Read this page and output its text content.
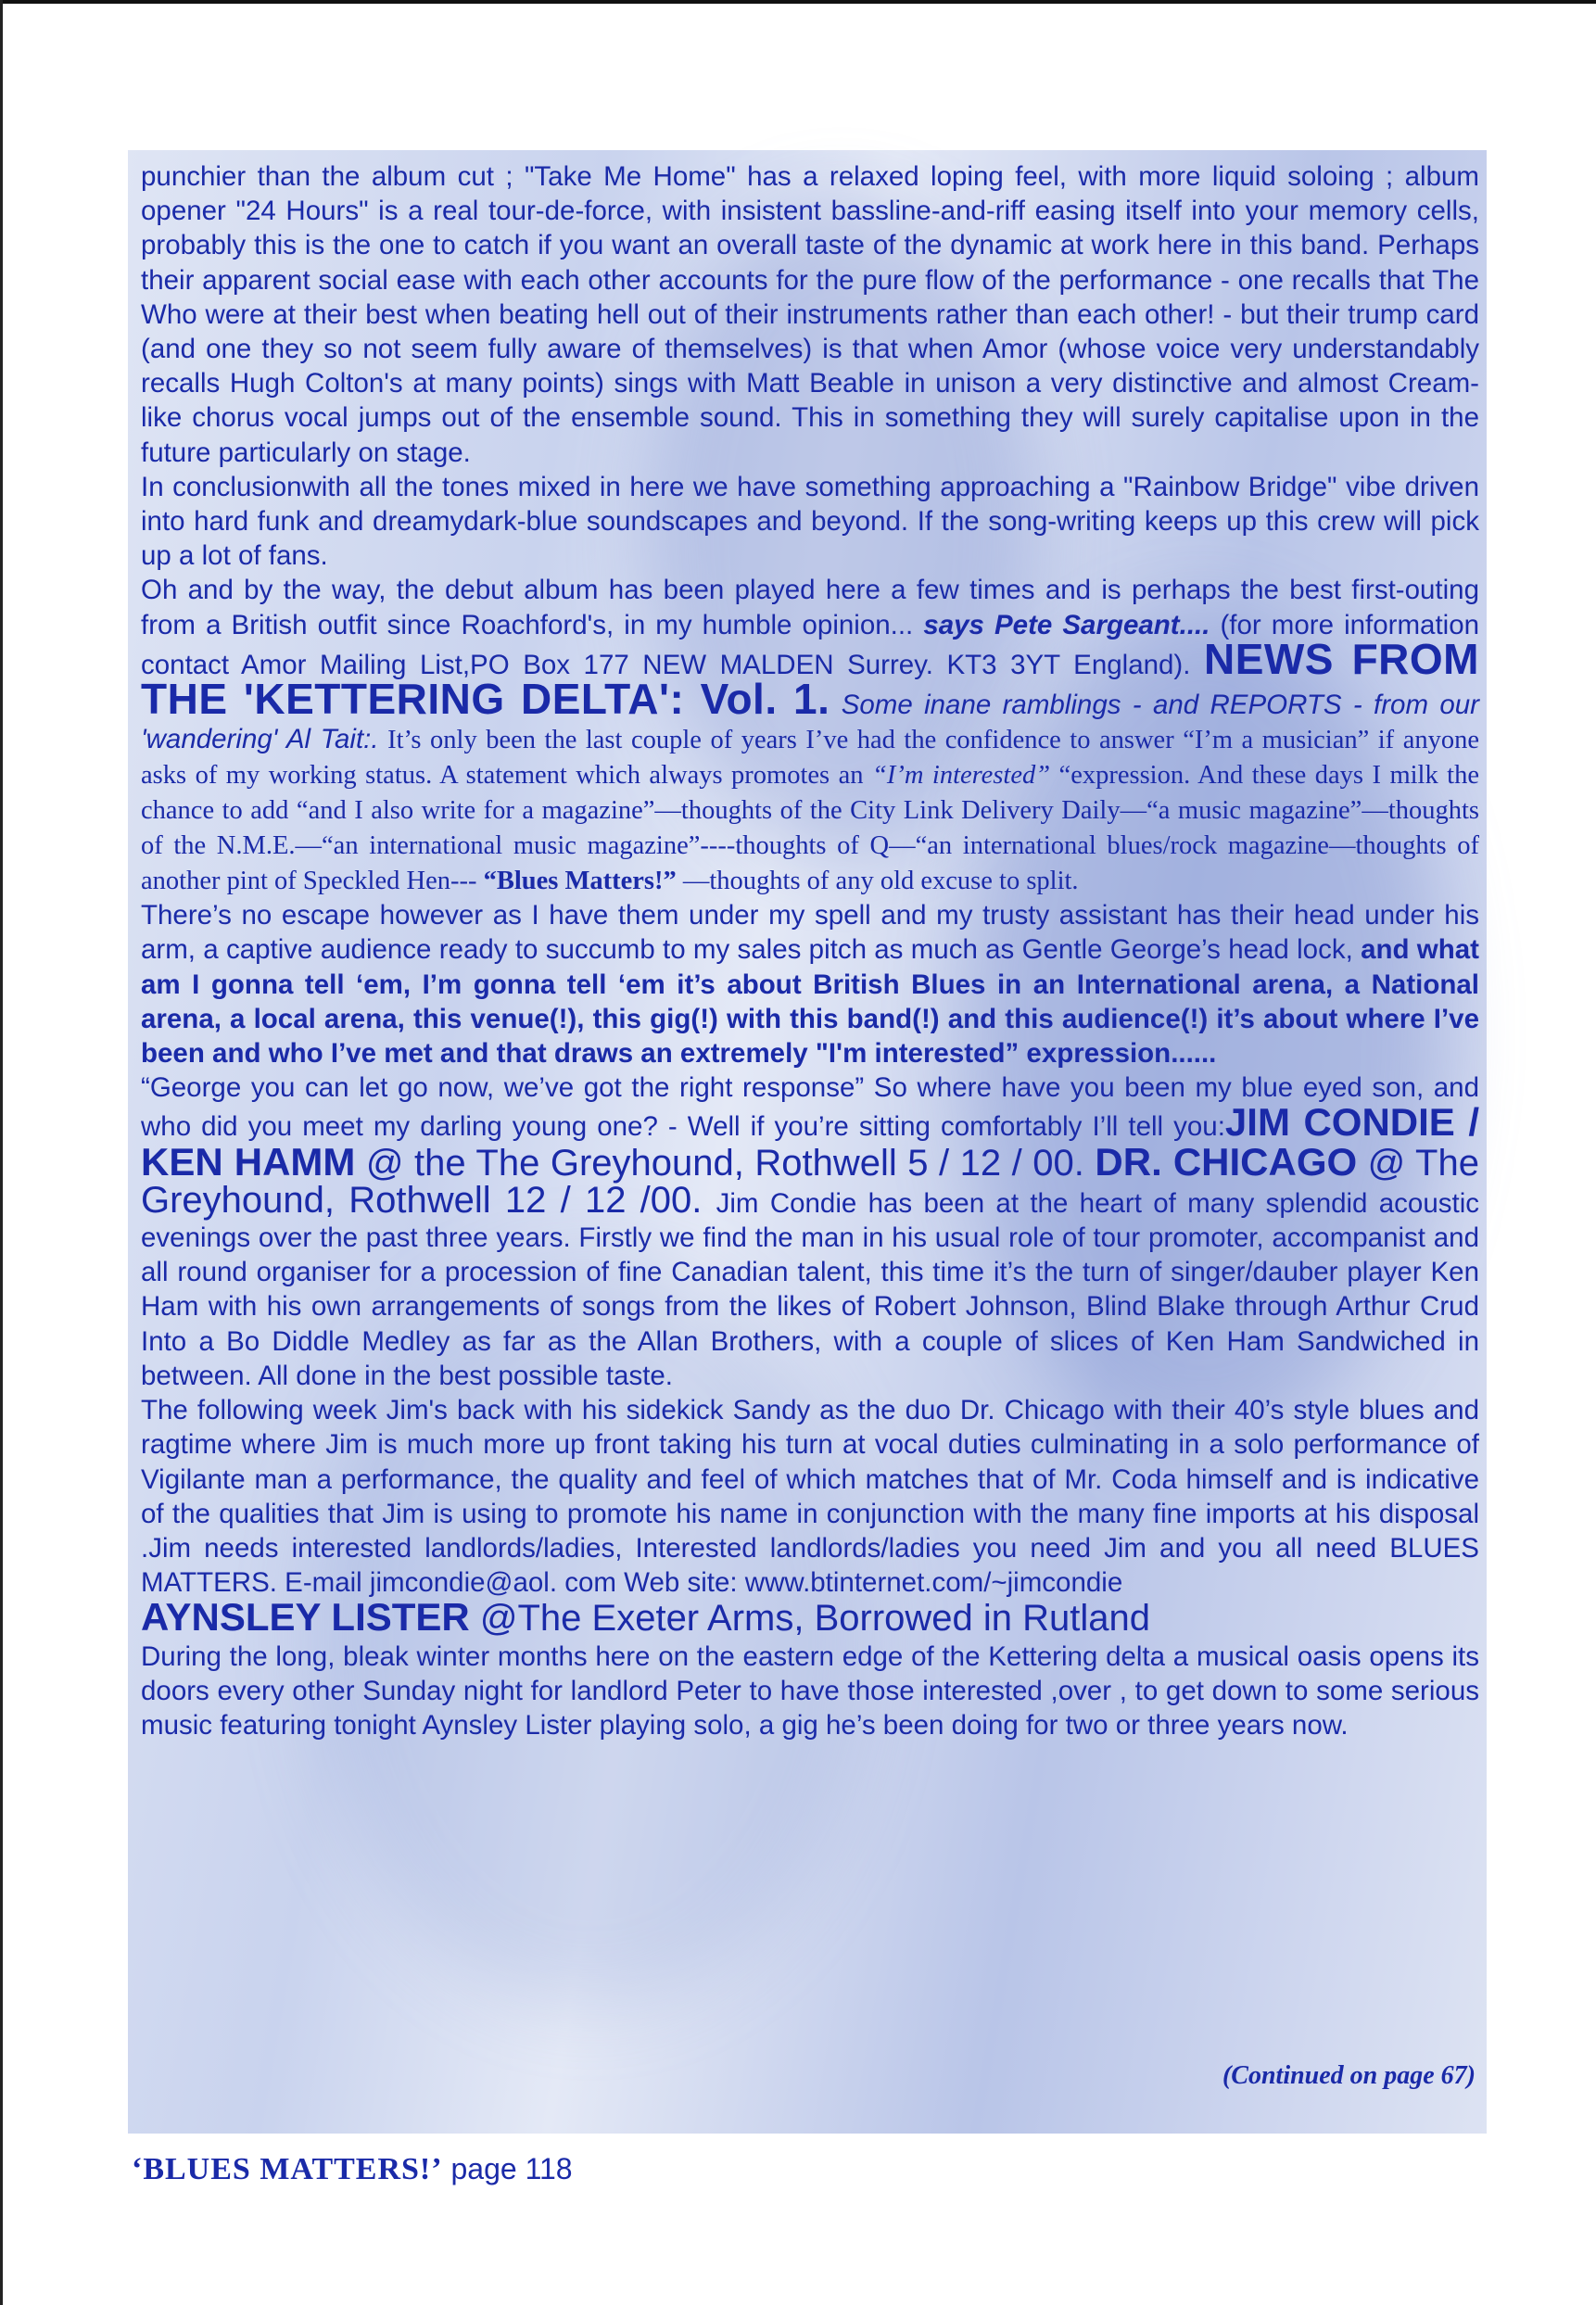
punchier than the album cut ; "Take Me Home" has a relaxed loping feel, with more liquid soloing ; album opener "24 Hours" is a real tour-de-force, with insistent bassline-and-riff easing itself into your memory cells, probably this is the one to catch if you want an overall taste of the dynamic at work here in this band. Perhaps their apparent social ease with each other accounts for the pure flow of the performance - one recalls that The Who were at their best when beating hell out of their instruments rather than each other! - but their trump card (and one they so not seem fully aware of themselves) is that when Amor (whose voice very understandably recalls Hugh Colton's at many points) sings with Matt Beable in unison a very distinctive and almost Cream-like chorus vocal jumps out of the ensemble sound. This in something they will surely capitalise upon in the future particularly on stage.

In conclusionwith all the tones mixed in here we have something approaching a "Rainbow Bridge" vibe driven into hard funk and dreamydark-blue soundscapes and beyond. If the song-writing keeps up this crew will pick up a lot of fans.

Oh and by the way, the debut album has been played here a few times and is perhaps the best first-outing from a British outfit since Roachford's, in my humble opinion... says Pete Sargeant.... (for more information contact Amor Mailing List,PO Box 177 NEW MALDEN Surrey. KT3 3YT England). NEWS FROM THE 'KETTERING DELTA': Vol. 1. Some inane ramblings - and REPORTS - from our 'wandering' Al Tait:. It’s only been the last couple of years I’ve had the confidence to answer “I’m a musician” if anyone asks of my working status. A statement which always promotes an “I’m interested” “expression. And these days I milk the chance to add “and I also write for a magazine”—thoughts of the City Link Delivery Daily—“a music magazine”—thoughts of the N.M.E.—“an international music magazine”----thoughts of Q—“an international blues/rock magazine—thoughts of another pint of Speckled Hen--- “Blues Matters!” —thoughts of any old excuse to split.

There’s no escape however as I have them under my spell and my trusty assistant has their head under his arm, a captive audience ready to succumb to my sales pitch as much as Gentle George’s head lock, and what am I gonna tell ‘em, I’m gonna tell ‘em it’s about British Blues in an International arena, a National arena, a local arena, this venue(!), this gig(!) with this band(!) and this audience(!) it’s about where I’ve been and who I’ve met and that draws an extremely "I'm interested” expression......

“George you can let go now, we’ve got the right response” So where have you been my blue eyed son, and who did you meet my darling young one? - Well if you’re sitting comfortably I’ll tell you:JIM CONDIE / KEN HAMM @ the The Greyhound, Rothwell 5 / 12 / 00. DR. CHICAGO @ The Greyhound, Rothwell 12 / 12 /00. Jim Condie has been at the heart of many splendid acoustic evenings over the past three years. Firstly we find the man in his usual role of tour promoter, accompanist and all round organiser for a procession of fine Canadian talent, this time it’s the turn of singer/dauber player Ken Ham with his own arrangements of songs from the likes of Robert Johnson, Blind Blake through Arthur Crud Into a Bo Diddle Medley as far as the Allan Brothers, with a couple of slices of Ken Ham Sandwiched in between. All done in the best possible taste.

The following week Jim's back with his sidekick Sandy as the duo Dr. Chicago with their 40’s style blues and ragtime where Jim is much more up front taking his turn at vocal duties culminating in a solo performance of Vigilante man a performance, the quality and feel of which matches that of Mr. Coda himself and is indicative of the qualities that Jim is using to promote his name in conjunction with the many fine imports at his disposal .Jim needs interested landlords/ladies, Interested landlords/ladies you need Jim and you all need BLUES MATTERS. E-mail jimcondie@aol. com Web site: www.btinternet.com/~jimcondie

AYNSLEY LISTER @The Exeter Arms, Borrowed in Rutland

During the long, bleak winter months here on the eastern edge of the Kettering delta a musical oasis opens its doors every other Sunday night for landlord Peter to have those interested ,over , to get down to some serious music featuring tonight Aynsley Lister playing solo, a gig he’s been doing for two or three years now.

(Continued on page 67)
‘BLUES MATTERS!’ page 118
